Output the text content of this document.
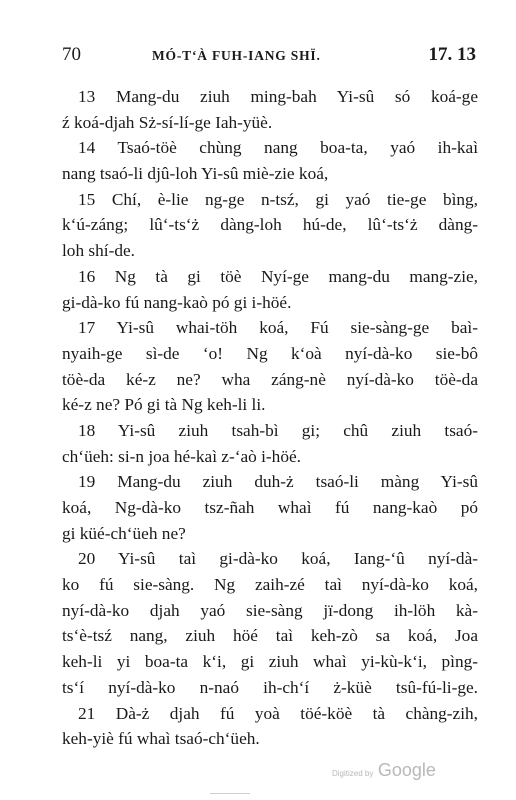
70	MÓ-T‘À FUH-IANG SHÏ.	17. 13
13 Mang-du ziuh ming-bah Yi-sû só koá-ge
ź koá-djah Sż-sí-lí-ge Iah-yüè.
14 Tsaó-töè chùng nang boa-ta, yaó ih-kaì
nang tsaó-li djû-loh Yi-sû miè-zie koá,
15 Chí, è-lie ng-ge n-tsź, gi yaó tie-ge bìng,
k‘ú-záng; lû‘-ts‘ż dàng-loh hú-de, lû‘-ts‘ż dàng-
loh shí-de.
16 Ng tà gi töè Nyí-ge mang-du mang-zie,
gi-dà-ko fú nang-kaò pó gi i-höé.
17 Yi-sû whai-töh koá, Fú sie-sàng-ge baì-
nyaih-ge sì-de ‘o! Ng k‘oà nyí-dà-ko sie-bô
töè-da ké-z ne? wha záng-nè nyí-dà-ko töè-da
ké-z ne? Pó gi tà Ng keh-li li.
18 Yi-sû ziuh tsah-bì gi; chû ziuh tsaó-
ch‘üeh: si-n joa hé-kaì z-‘aò i-höé.
19 Mang-du ziuh duh-ż tsaó-li màng Yi-sû
koá, Ng-dà-ko tsz-ñah whaì fú nang-kaò pó
gi küé-ch‘üeh ne?
20 Yi-sû taì gi-dà-ko koá, Iang-‘û nyí-dà-
ko fú sie-sàng. Ng zaih-zé taì nyí-dà-ko koá,
nyí-dà-ko djah yaó sie-sàng jï-dong ih-löh kà-
ts‘è-tsź nang, ziuh höé taì keh-zò sa koá, Joa
keh-li yi boa-ta k‘i, gi ziuh whaì yi-kù-k‘i, pìng-
ts‘í nyí-dà-ko n-naó ih-ch‘í ż-küè tsû-fú-li-ge.
21 Dà-ż djah fú yoà töé-köè tà chàng-zih,
keh-yiè fú whaì tsaó-ch‘üeh.
Digitized by Google
